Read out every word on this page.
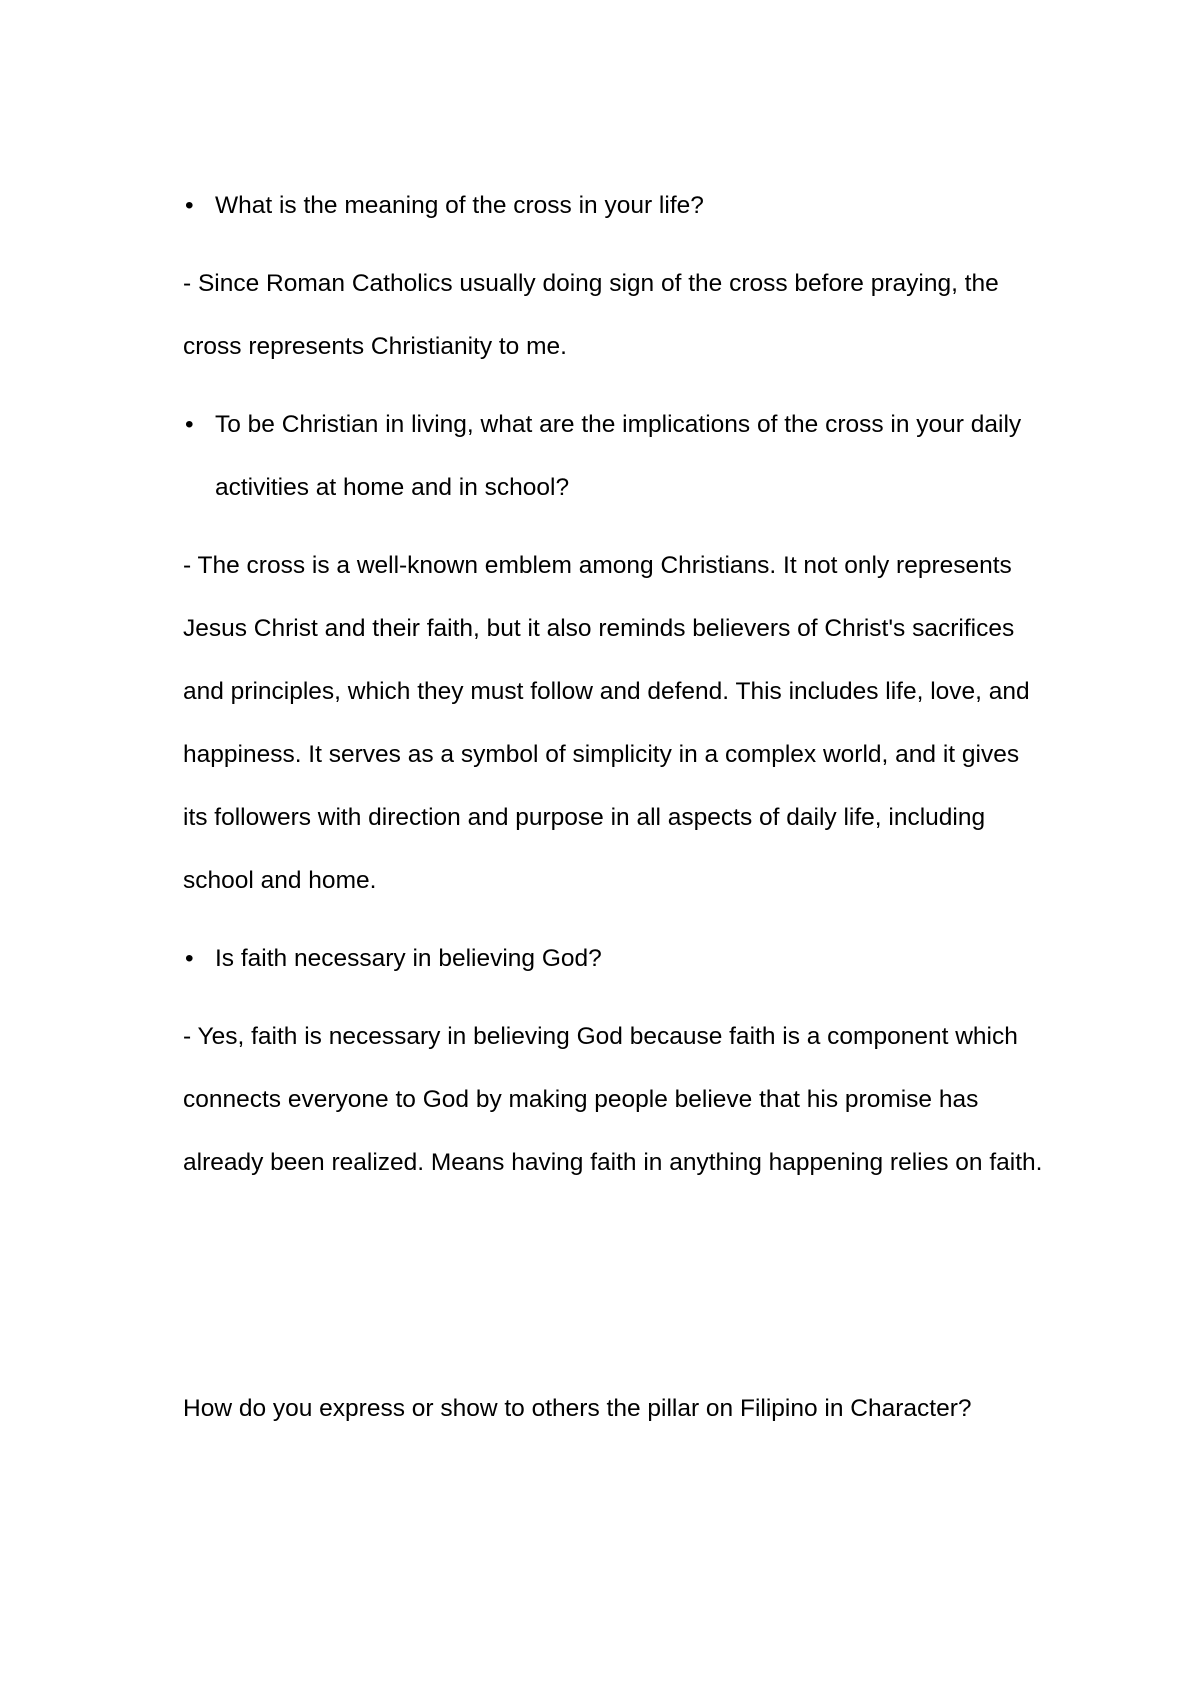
• What is the meaning of the cross in your life?
- Since Roman Catholics usually doing sign of the cross before praying, the cross represents Christianity to me.
• To be Christian in living, what are the implications of the cross in your daily activities at home and in school?
- The cross is a well-known emblem among Christians. It not only represents Jesus Christ and their faith, but it also reminds believers of Christ's sacrifices and principles, which they must follow and defend. This includes life, love, and happiness. It serves as a symbol of simplicity in a complex world, and it gives its followers with direction and purpose in all aspects of daily life, including school and home.
• Is faith necessary in believing God?
- Yes, faith is necessary in believing God because faith is a component which connects everyone to God by making people believe that his promise has already been realized. Means having faith in anything happening relies on faith.

How do you express or show to others the pillar on Filipino in Character?
